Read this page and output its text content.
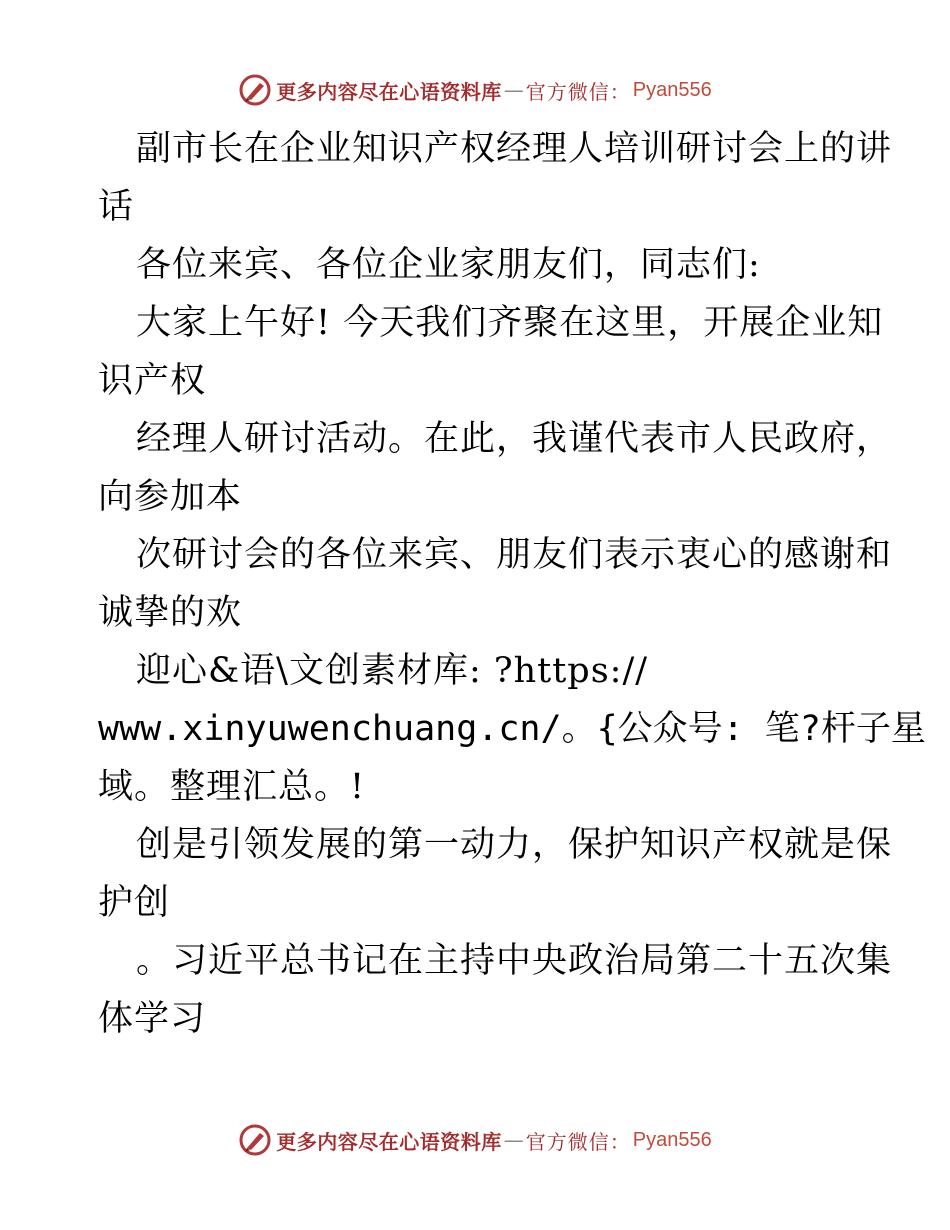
更多内容尽在心语资料库 — 官方微信： Pyan556
副市长在企业知识产权经理人培训研讨会上的讲
话
各位来宾、各位企业家朋友们，同志们:
大家上午好! 今天我们齐聚在这里，开展企业知
识产权
经理人研讨活动。在此，我谨代表市人民政府，
向参加本
次研讨会的各位来宾、朋友们表示衷心的感谢和
诚挚的欢
迎心&语\文创素材库: ?https://
www.xinyuwenchuang.cn/。{公众号: 笔?杆子星
域。整理汇总。!
创是引领发展的第一动力，保护知识产权就是保
护创
。习近平总书记在主持中央政治局第二十五次集
体学习
更多内容尽在心语资料库 — 官方微信： Pyan556
